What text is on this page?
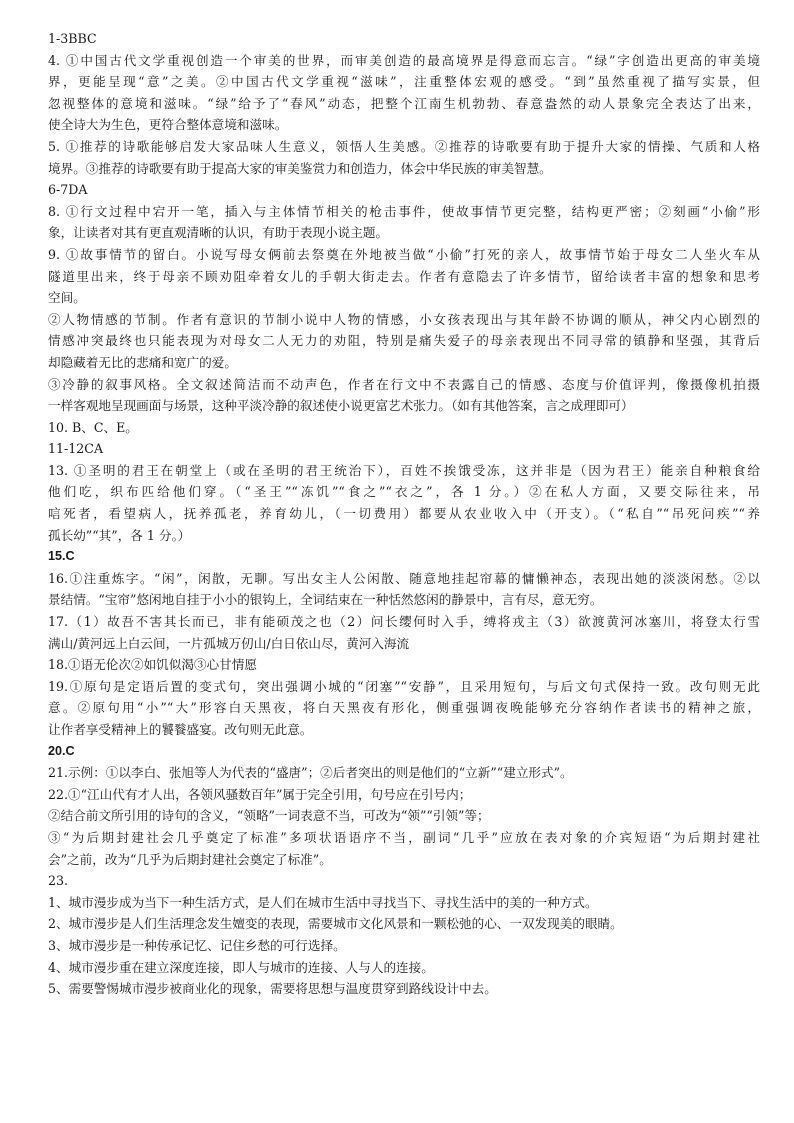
1-3BBC
4. ①中国古代文学重视创造一个审美的世界，而审美创造的最高境界是得意而忘言。“绿”字创造出更高的审美境
界，更能呈现“意”之美。②中国古代文学重视“滋味”，注重整体宏观的感受。“到”虽然重视了描写实景，但
忽视整体的意境和滋味。“绿”给予了“春风”动态，把整个江南生机勃勃、春意盎然的动人景象完全表达了出来，
使全诗大为生色，更符合整体意境和滋味。
5. ①推荐的诗歌能够启发大家品味人生意义，领悟人生美感。②推荐的诗歌要有助于提升大家的情操、气质和人格
境界。③推荐的诗歌要有助于提高大家的审美鉴赏力和创造力，体会中华民族的审美智慧。
6-7DA
8. ①行文过程中宕开一笔，插入与主体情节相关的枪击事件，使故事情节更完整，结构更严密；②刻画“小偷”形
象，让读者对其有更直观清晰的认识，有助于表现小说主题。
9. ①故事情节的留白。小说写母女俩前去祭奠在外地被当做“小偷”打死的亲人，故事情节始于母女二人坐火车从
隧道里出来，终于母亲不顾劝阻牵着女儿的手朝大街走去。作者有意隐去了许多情节，留给读者丰富的想象和思考
空间。
②人物情感的节制。作者有意识的节制小说中人物的情感，小女孩表现出与其年龄不协调的顺从，神父内心剧烈的
情感冲突最终也只能表现为对母女二人无力的劝阻，特别是痛失爱子的母亲表现出不同寻常的镇静和坚强，其背后
却隐藏着无比的悲痛和宽广的爱。
③冷静的叙事风格。全文叙述简洁而不动声色，作者在行文中不表露自己的情感、态度与价值评判，像摄像机拍摄
一样客观地呈现画面与场景，这种平淡冷静的叙述使小说更富艺术张力。（如有其他答案，言之成理即可）
10. B、C、E。
11-12CA
13. ①圣明的君王在朝堂上（或在圣明的君王统治下），百姓不挨饿受冻，这并非是（因为君王）能亲自种粮食给
他们吃，织布匹给他们穿。（“圣王”“冻饥”“食之”“衣之”，各 1 分。）②在私人方面，又要交际往来，吊
唁死者，看望病人，抚养孤老，养育幼儿，（一切费用）都要从农业收入中（开支）。（“私自”“吊死问疾”“养
孤长幼”“其”，各 1 分。）
15.C
16.①注重炼字。“闲”，闲散，无聊。写出女主人公闲散、随意地挂起帘幕的慵懒神态，表现出她的淡淡闲愁。②以
景结情。“宝帘”悠闲地自挂于小小的银钩上，全词结束在一种恬然悠闲的静景中，言有尽，意无穷。
17.（1）故吾不害其长而已，非有能硕茂之也（2）问长缨何时入手，缚将戎主（3）欲渡黄河冰塞川，将登太行雪
满山/黄河远上白云间，一片孤城万仞山/白日依山尽，黄河入海流
18.①语无伦次②如饥似渴③心甘情愿
19.①原句是定语后置的变式句，突出强调小城的“闭塞”“安静”，且采用短句，与后文句式保持一致。改句则无此
意。②原句用“小”“大”形容白天黑夜，将白天黑夜有形化，侧重强调夜晚能够充分容纳作者读书的精神之旅，
让作者享受精神上的饕餮盛宴。改句则无此意。
20.C
21.示例：①以李白、张旭等人为代表的“盛唐”；②后者突出的则是他们的“立新”“建立形式”。
22.①“江山代有才人出，各领风骚数百年”属于完全引用，句号应在引号内；
②结合前文所引用的诗句的含义，“领略”一词表意不当，可改为“领”“引领”等；
③“为后期封建社会几乎奠定了标准”多项状语语序不当，副词“几乎”应放在表对象的介宾短语“为后期封建社
会”之前，改为“几乎为后期封建社会奠定了标准”。
23.
1、城市漫步成为当下一种生活方式，是人们在城市生活中寻找当下、寻找生活中的美的一种方式。
2、城市漫步是人们生活理念发生嬗变的表现，需要城市文化风景和一颗松弛的心、一双发现美的眼睛。
3、城市漫步是一种传承记忆、记住乡愁的可行选择。
4、城市漫步重在建立深度连接，即人与城市的连接、人与人的连接。
5、需要警惕城市漫步被商业化的现象，需要将思想与温度贯穿到路线设计中去。
